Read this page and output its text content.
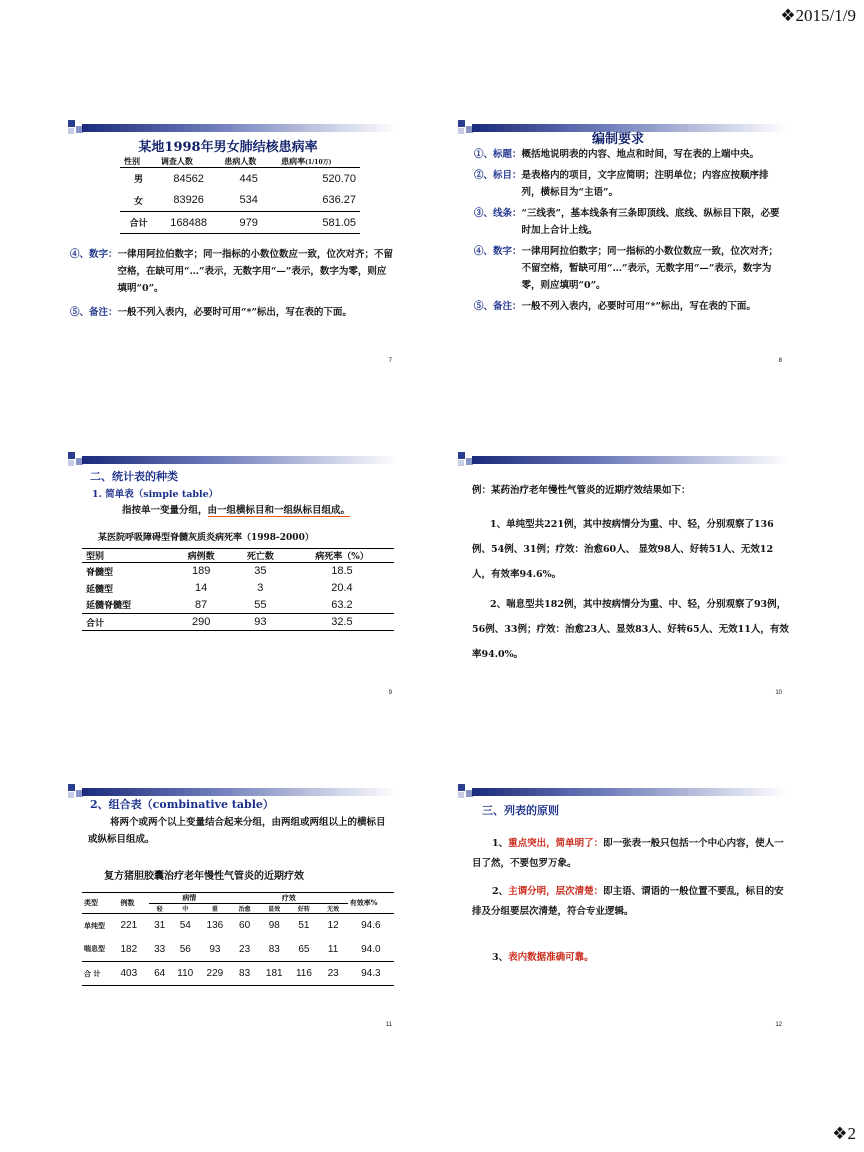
❖2015/1/9
某地1998年男女肺结核患病率
性别	调查人数	患病人数	患病率(1/10万)
男	84562	445	520.70
女	83926	534	636.27
合计	168488	979	581.05
④、数字： 一律用阿拉伯数字；同一指标的小数位数应一致，位次对齐；不留空格，在缺可用“…”表示，无数字用“—”表示，数字为零，则应填明“0”。
⑤、备注： 一般不列入表内，必要时可用“*”标出，写在表的下面。
7
编制要求
①、标题： 概括地说明表的内容、地点和时间，写在表的上端中央。
②、标目： 是表格内的项目，文字应简明；注明单位；内容应按顺序排列，横标目为“主语”。
③、线条： “三线表”，基本线条有三条即顶线、底线、纵标目下限，必要时加上合计上线。
④、数字： 一律用阿拉伯数字；同一指标的小数位数应一致，位次对齐；不留空格，暂缺可用“…”表示，无数字用“—”表示，数字为零，则应填明“0”。
⑤、备注： 一般不列入表内，必要时可用“*”标出，写在表的下面。
8
二、统计表的种类
1. 简单表（simple table）
指按单一变量分组，由一组横标目和一组纵标目组成。
某医院呼吸障碍型脊髓灰质炎病死率（1998-2000）
型别	病例数	死亡数	病死率（%）
脊髓型	189	35	18.5
延髓型	14	3	20.4
延髓脊髓型	87	55	63.2
合计	290	93	32.5
9
例：某药治疗老年慢性气管炎的近期疗效结果如下：
1、单纯型共221例，其中按病情分为重、中、轻，分别观察了136例、54例、31例；疗效：治愈60人、 显效98人、好转51人、无效12人，有效率94.6%。
2、喘息型共182例，其中按病情分为重、中、轻，分别观察了93例，56例、33例；疗效：治愈23人、显效83人、好转65人、无效11人，有效率94.0%。
10
2、组合表（combinative table）
将两个或两个以上变量结合起来分组，由两组或两组以上的横标目或纵标目组成。
复方猪胆胶囊治疗老年慢性气管炎的近期疗效
类型	例数	病情			疗效				有效率%
		轻	中	重	治愈	显效	好转	无效	
单纯型	221	31	54	136	60	98	51	12	94.6
喘息型	182	33	56	93	23	83	65	11	94.0
合 计	403	64	110	229	83	181	116	23	94.3
11
三、列表的原则
1、重点突出，简单明了：即一张表一般只包括一个中心内容，使人一目了然，不要包罗万象。
2、主谓分明，层次清楚：即主语、谓语的一般位置不要乱，标目的安排及分组要层次清楚，符合专业逻辑。
3、表内数据准确可靠。
12
❖2
